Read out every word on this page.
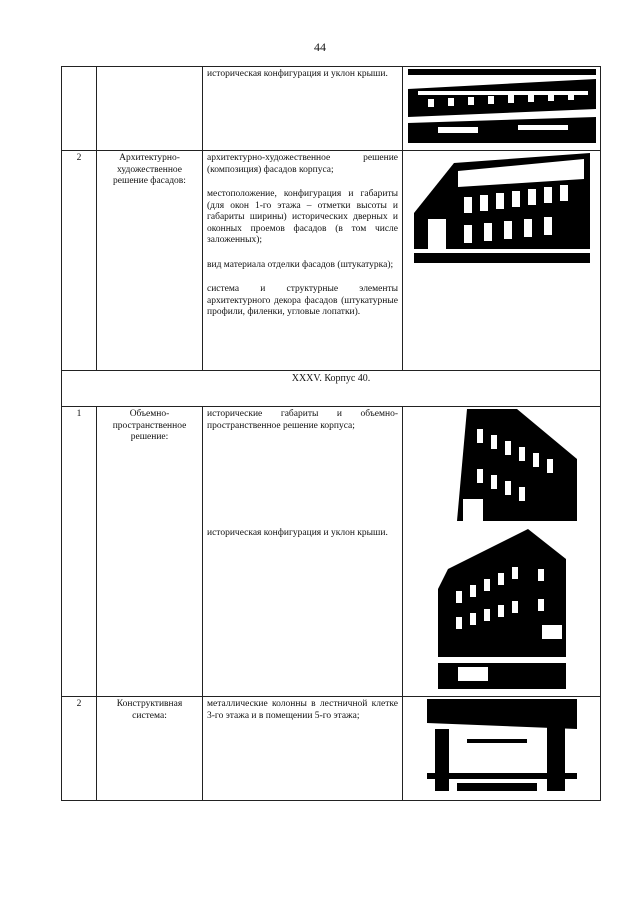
44

		историческая конфигурация и уклон крыши.

2	Архитектурно-художественное решение фасадов:	архитектурно-художественное решение (композиция) фасадов корпуса;

местоположение, конфигурация и габариты (для окон 1-го этажа – отметки высоты и габариты ширины) исторических дверных и оконных проемов фасадов (в том числе заложенных);

вид материала отделки фасадов (штукатурка);

система и структурные элементы архитектурного декора фасадов (штукатурные профили, филенки, угловые лопатки).

XXXV. Корпус 40.			
1	Объемно-пространственное решение:	исторические габариты и объемно-пространственное решение корпуса;

историческая конфигурация и уклон крыши.

2	Конструктивная система:	металлические колонны в лестничной клетке 3-го этажа и в помещении 5-го этажа;
